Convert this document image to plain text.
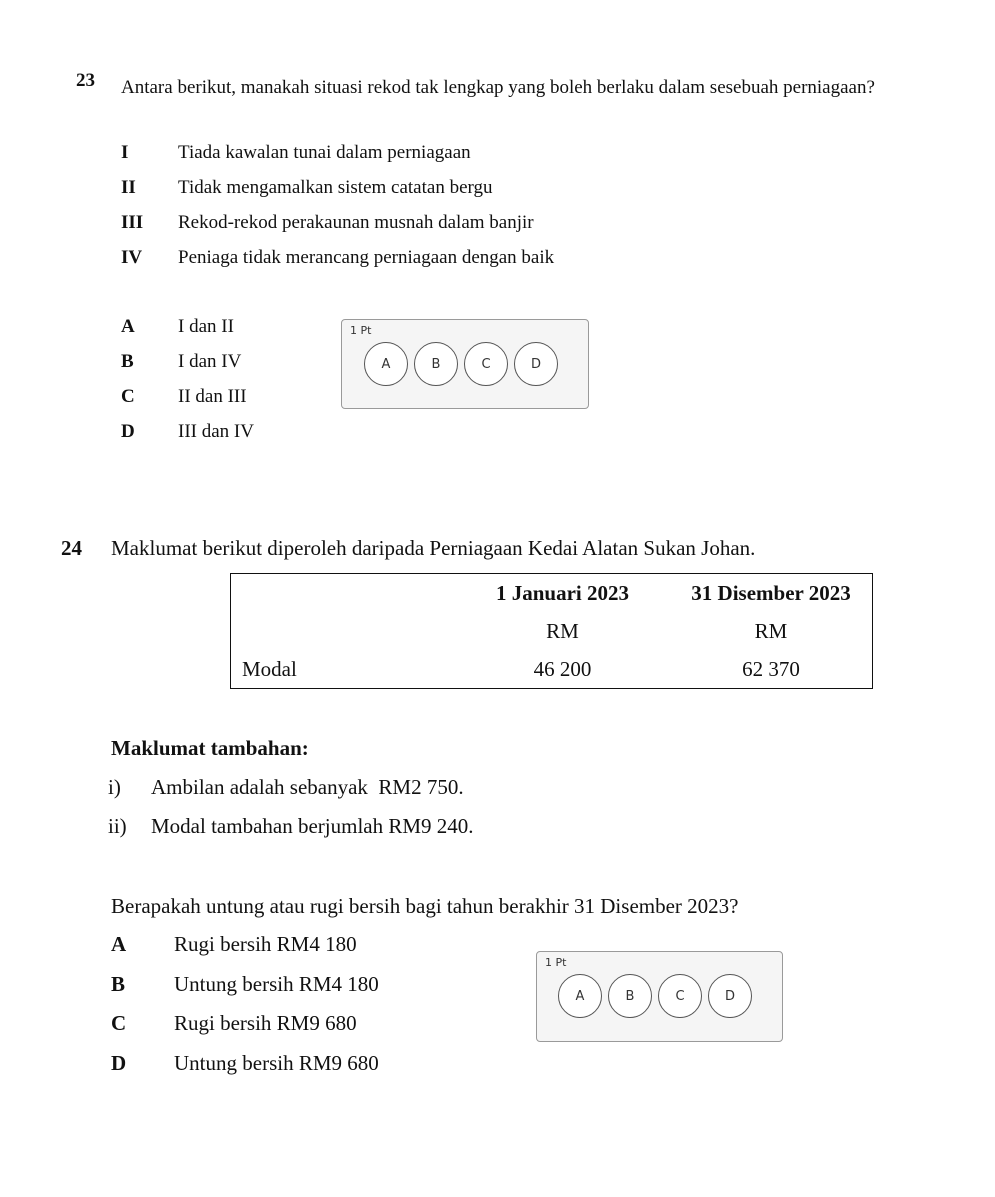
23 Antara berikut, manakah situasi rekod tak lengkap yang boleh berlaku dalam sesebuah perniagaan?
I	Tiada kawalan tunai dalam perniagaan
II	Tidak mengamalkan sistem catatan bergu
III	Rekod-rekod perakaunan musnah dalam banjir
IV	Peniaga tidak merancang perniagaan dengan baik
A	I dan II
B	I dan IV
C	II dan III
D	III dan IV
1 Pt
A	B	C	D
24 Maklumat berikut diperoleh daripada Perniagaan Kedai Alatan Sukan Johan.
	1 Januari 2023	31 Disember 2023
	RM	RM
Modal	46 200	62 370
Maklumat tambahan:
i)	Ambilan adalah sebanyak  RM2 750.
ii)	Modal tambahan berjumlah RM9 240.
Berapakah untung atau rugi bersih bagi tahun berakhir 31 Disember 2023?
A	Rugi bersih RM4 180
B	Untung bersih RM4 180
C	Rugi bersih RM9 680
D	Untung bersih RM9 680
1 Pt
A	B	C	D
